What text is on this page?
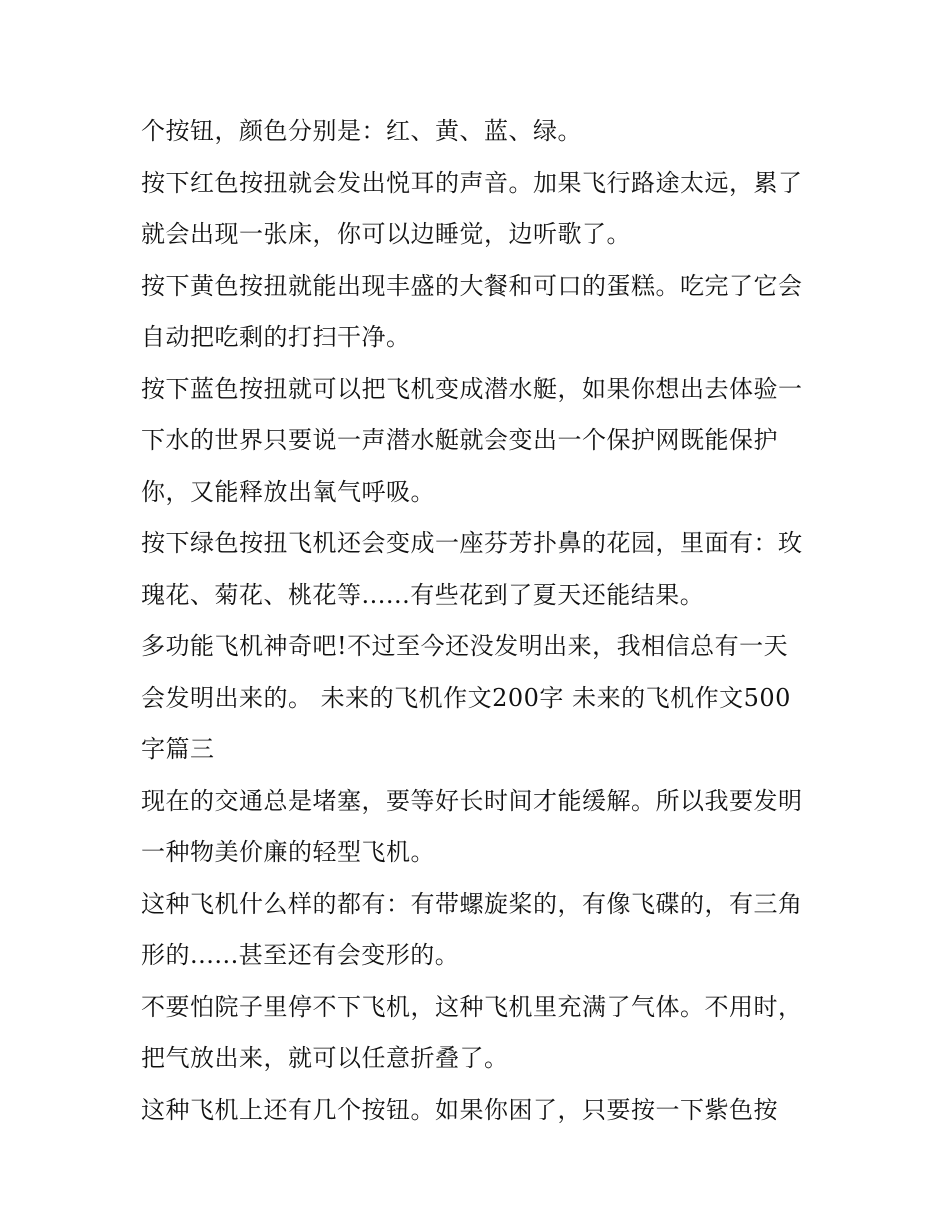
个按钮，颜色分别是：红、黄、蓝、绿。
按下红色按扭就会发出悦耳的声音。加果飞行路途太远，累了
就会出现一张床，你可以边睡觉，边听歌了。
按下黄色按扭就能出现丰盛的大餐和可口的蛋糕。吃完了它会
自动把吃剩的打扫干净。
按下蓝色按扭就可以把飞机变成潜水艇，如果你想出去体验一
下水的世界只要说一声潜水艇就会变出一个保护网既能保护
你，又能释放出氧气呼吸。
按下绿色按扭飞机还会变成一座芬芳扑鼻的花园，里面有：玫
瑰花、菊花、桃花等......有些花到了夏天还能结果。
多功能飞机神奇吧!不过至今还没发明出来，我相信总有一天
会发明出来的。 未来的飞机作文200字 未来的飞机作文500
字篇三
现在的交通总是堵塞，要等好长时间才能缓解。所以我要发明
一种物美价廉的轻型飞机。
这种飞机什么样的都有：有带螺旋桨的，有像飞碟的，有三角
形的......甚至还有会变形的。
不要怕院子里停不下飞机，这种飞机里充满了气体。不用时，
把气放出来，就可以任意折叠了。
这种飞机上还有几个按钮。如果你困了，只要按一下紫色按
